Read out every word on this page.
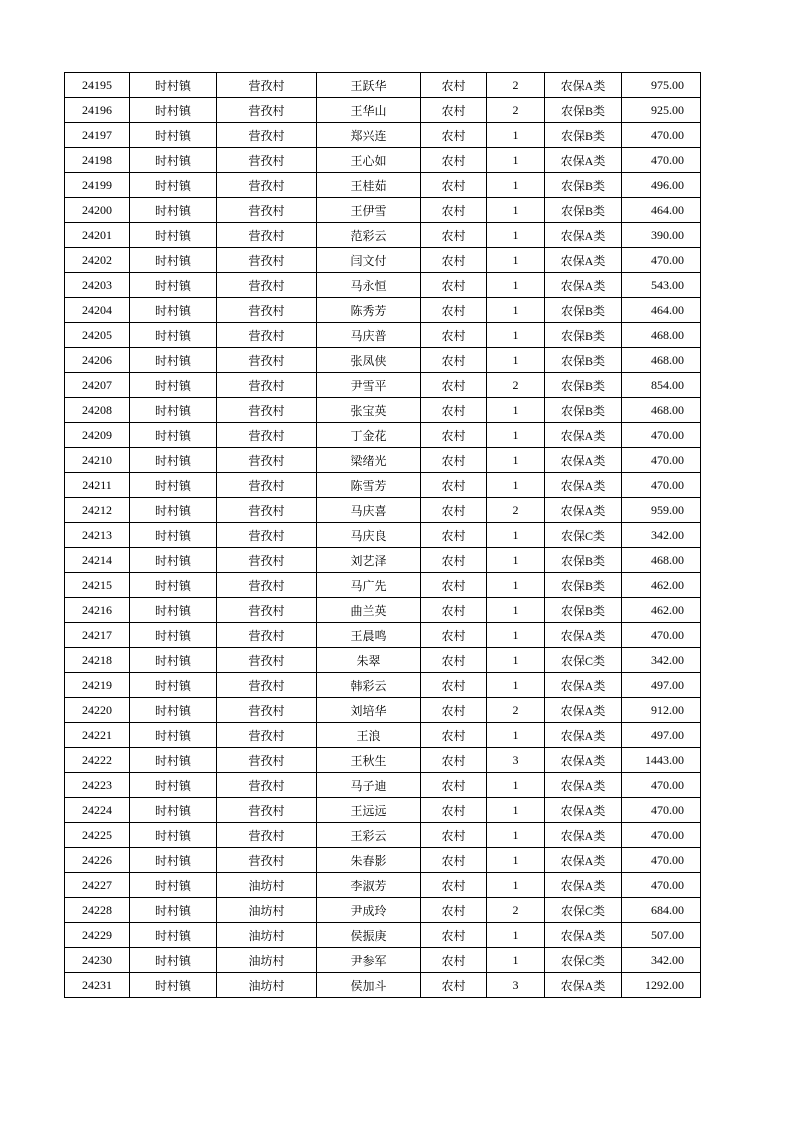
24195	时村镇	营孜村	王跃华	农村	2	农保A类	975.00
24196	时村镇	营孜村	王华山	农村	2	农保B类	925.00
24197	时村镇	营孜村	郑兴连	农村	1	农保B类	470.00
24198	时村镇	营孜村	王心如	农村	1	农保A类	470.00
24199	时村镇	营孜村	王桂茹	农村	1	农保B类	496.00
24200	时村镇	营孜村	王伊雪	农村	1	农保B类	464.00
24201	时村镇	营孜村	范彩云	农村	1	农保A类	390.00
24202	时村镇	营孜村	闫文付	农村	1	农保A类	470.00
24203	时村镇	营孜村	马永恒	农村	1	农保A类	543.00
24204	时村镇	营孜村	陈秀芳	农村	1	农保B类	464.00
24205	时村镇	营孜村	马庆普	农村	1	农保B类	468.00
24206	时村镇	营孜村	张凤侠	农村	1	农保B类	468.00
24207	时村镇	营孜村	尹雪平	农村	2	农保B类	854.00
24208	时村镇	营孜村	张宝英	农村	1	农保B类	468.00
24209	时村镇	营孜村	丁金花	农村	1	农保A类	470.00
24210	时村镇	营孜村	梁绪光	农村	1	农保A类	470.00
24211	时村镇	营孜村	陈雪芳	农村	1	农保A类	470.00
24212	时村镇	营孜村	马庆喜	农村	2	农保A类	959.00
24213	时村镇	营孜村	马庆良	农村	1	农保C类	342.00
24214	时村镇	营孜村	刘艺泽	农村	1	农保B类	468.00
24215	时村镇	营孜村	马广先	农村	1	农保B类	462.00
24216	时村镇	营孜村	曲兰英	农村	1	农保B类	462.00
24217	时村镇	营孜村	王晨鸣	农村	1	农保A类	470.00
24218	时村镇	营孜村	朱翠	农村	1	农保C类	342.00
24219	时村镇	营孜村	韩彩云	农村	1	农保A类	497.00
24220	时村镇	营孜村	刘培华	农村	2	农保A类	912.00
24221	时村镇	营孜村	王浪	农村	1	农保A类	497.00
24222	时村镇	营孜村	王秋生	农村	3	农保A类	1443.00
24223	时村镇	营孜村	马子迪	农村	1	农保A类	470.00
24224	时村镇	营孜村	王远远	农村	1	农保A类	470.00
24225	时村镇	营孜村	王彩云	农村	1	农保A类	470.00
24226	时村镇	营孜村	朱春影	农村	1	农保A类	470.00
24227	时村镇	油坊村	李淑芳	农村	1	农保A类	470.00
24228	时村镇	油坊村	尹成玲	农村	2	农保C类	684.00
24229	时村镇	油坊村	侯振庚	农村	1	农保A类	507.00
24230	时村镇	油坊村	尹参军	农村	1	农保C类	342.00
24231	时村镇	油坊村	侯加斗	农村	3	农保A类	1292.00
